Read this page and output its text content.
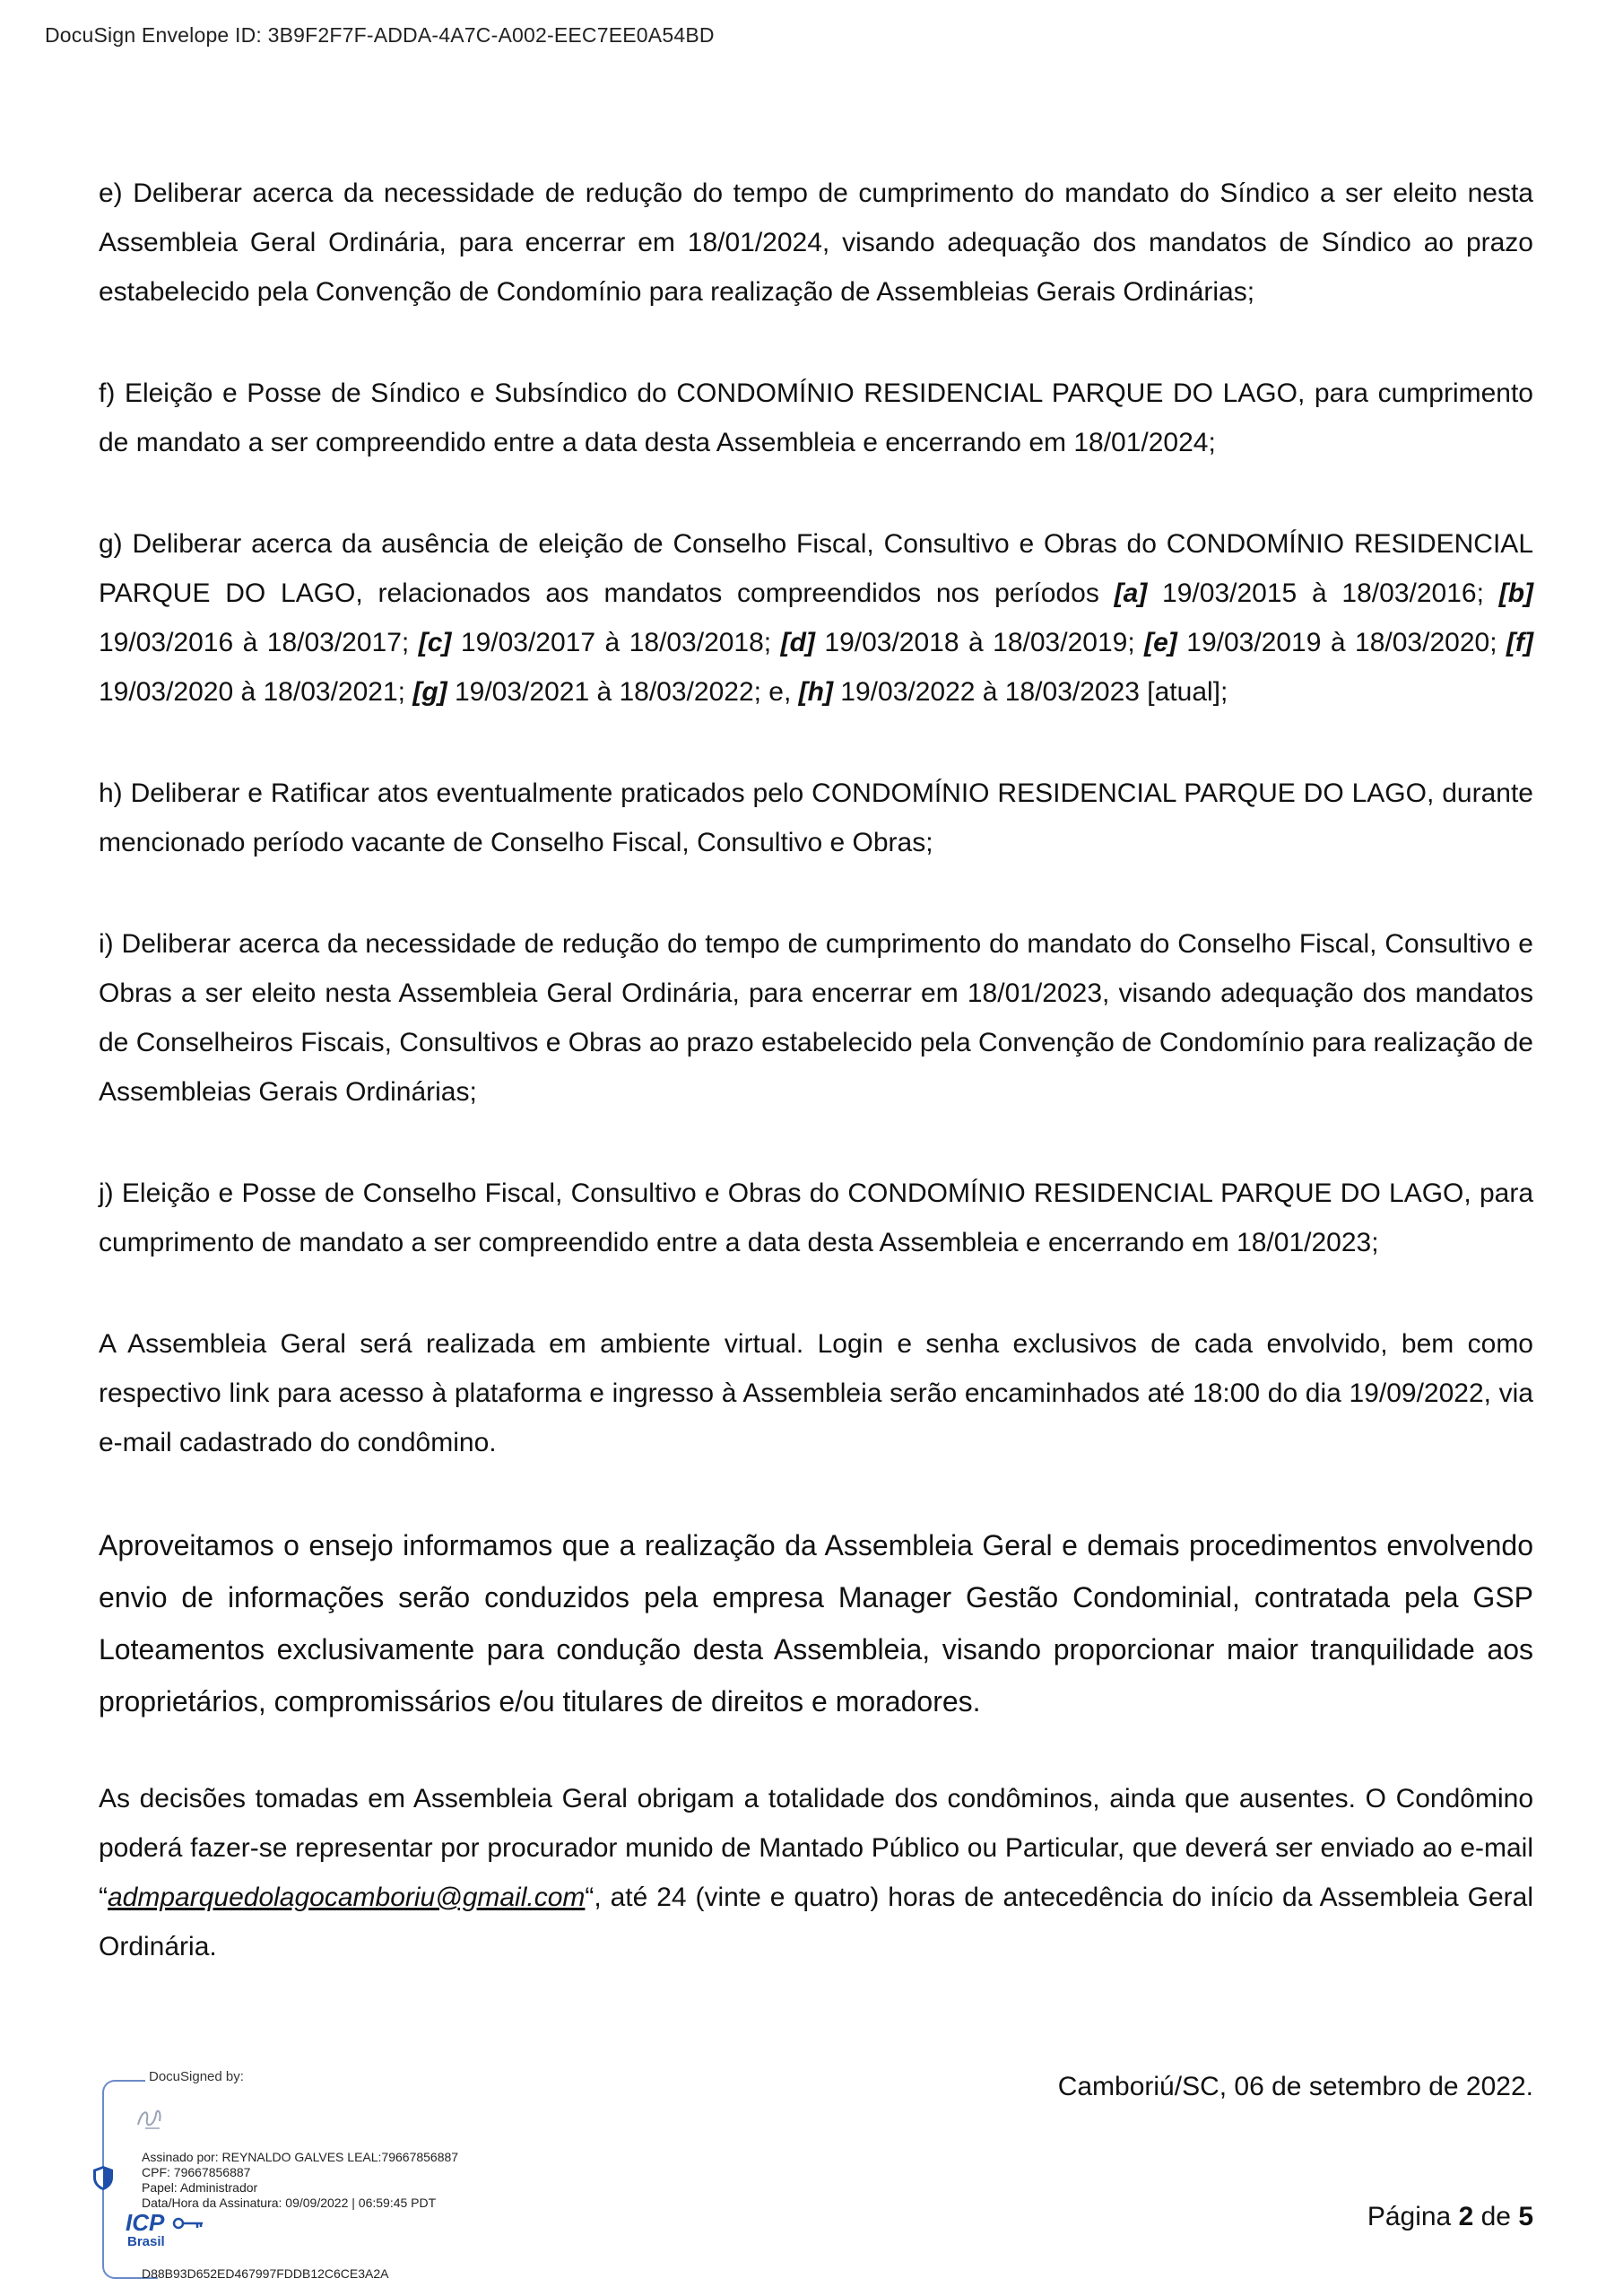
DocuSign Envelope ID: 3B9F2F7F-ADDA-4A7C-A002-EEC7EE0A54BD

e) Deliberar acerca da necessidade de redução do tempo de cumprimento do mandato do Síndico a ser eleito nesta Assembleia Geral Ordinária, para encerrar em 18/01/2024, visando adequação dos mandatos de Síndico ao prazo estabelecido pela Convenção de Condomínio para realização de Assembleias Gerais Ordinárias;

f) Eleição e Posse de Síndico e Subsíndico do CONDOMÍNIO RESIDENCIAL PARQUE DO LAGO, para cumprimento de mandato a ser compreendido entre a data desta Assembleia e encerrando em 18/01/2024;

g) Deliberar acerca da ausência de eleição de Conselho Fiscal, Consultivo e Obras do CONDOMÍNIO RESIDENCIAL PARQUE DO LAGO, relacionados aos mandatos compreendidos nos períodos [a] 19/03/2015 à 18/03/2016; [b] 19/03/2016 à 18/03/2017; [c] 19/03/2017 à 18/03/2018; [d] 19/03/2018 à 18/03/2019; [e] 19/03/2019 à 18/03/2020; [f] 19/03/2020 à 18/03/2021; [g] 19/03/2021 à 18/03/2022; e, [h] 19/03/2022 à 18/03/2023 [atual];

h) Deliberar e Ratificar atos eventualmente praticados pelo CONDOMÍNIO RESIDENCIAL PARQUE DO LAGO, durante mencionado período vacante de Conselho Fiscal, Consultivo e Obras;

i) Deliberar acerca da necessidade de redução do tempo de cumprimento do mandato do Conselho Fiscal, Consultivo e Obras a ser eleito nesta Assembleia Geral Ordinária, para encerrar em 18/01/2023, visando adequação dos mandatos de Conselheiros Fiscais, Consultivos e Obras ao prazo estabelecido pela Convenção de Condomínio para realização de Assembleias Gerais Ordinárias;

j) Eleição e Posse de Conselho Fiscal, Consultivo e Obras do CONDOMÍNIO RESIDENCIAL PARQUE DO LAGO, para cumprimento de mandato a ser compreendido entre a data desta Assembleia e encerrando em 18/01/2023;

A Assembleia Geral será realizada em ambiente virtual. Login e senha exclusivos de cada envolvido, bem como respectivo link para acesso à plataforma e ingresso à Assembleia serão encaminhados até 18:00 do dia 19/09/2022, via e-mail cadastrado do condômino.

Aproveitamos o ensejo informamos que a realização da Assembleia Geral e demais procedimentos envolvendo envio de informações serão conduzidos pela empresa Manager Gestão Condominial, contratada pela GSP Loteamentos exclusivamente para condução desta Assembleia, visando proporcionar maior tranquilidade aos proprietários, compromissários e/ou titulares de direitos e moradores.

As decisões tomadas em Assembleia Geral obrigam a totalidade dos condôminos, ainda que ausentes. O Condômino poderá fazer-se representar por procurador munido de Mantado Público ou Particular, que deverá ser enviado ao e-mail “admparquedolagocamboriu@gmail.com“, até 24 (vinte e quatro) horas de antecedência do início da Assembleia Geral Ordinária.

Camboriú/SC, 06 de setembro de 2022.
Página 2 de 5
DocuSigned by:
Assinado por: REYNALDO GALVES LEAL:79667856887
CPF: 79667856887
Papel: Administrador
Data/Hora da Assinatura: 09/09/2022 | 06:59:45 PDT
ICP
Brasil
D88B93D652ED467997FDDB12C6CE3A2A
